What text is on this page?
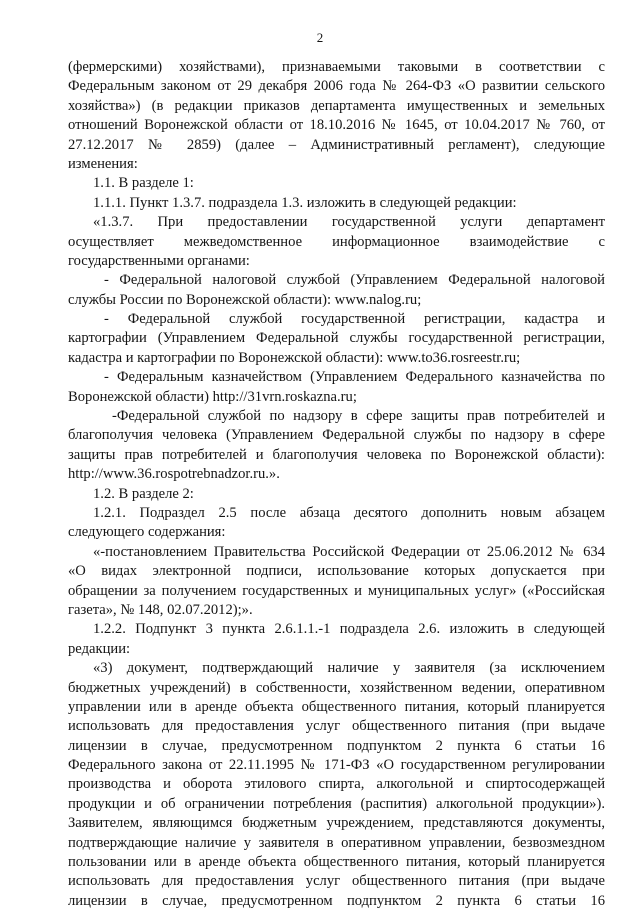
2
(фермерскими) хозяйствами), признаваемыми таковыми в соответствии с
Федеральным законом от 29 декабря 2006 года № 264-ФЗ «О развитии сельского
хозяйства») (в редакции приказов департамента имущественных и земельных
отношений Воронежской области от 18.10.2016 № 1645, от 10.04.2017 № 760, от
27.12.2017 № 2859) (далее – Административный регламент), следующие
изменения:
1.1. В разделе 1:
1.1.1. Пункт 1.3.7. подраздела 1.3. изложить в следующей редакции:
«1.3.7. При предоставлении государственной услуги департамент
осуществляет межведомственное информационное взаимодействие с
государственными органами:
- Федеральной налоговой службой (Управлением Федеральной налоговой
службы России по Воронежской области): www.nalog.ru;
- Федеральной службой государственной регистрации, кадастра и
картографии (Управлением Федеральной службы государственной регистрации,
кадастра и картографии по Воронежской области): www.to36.rosreestr.ru;
- Федеральным казначейством (Управлением Федерального казначейства по
Воронежской области) http://31vrn.roskazna.ru;
-Федеральной службой по надзору в сфере защиты прав потребителей и
благополучия человека (Управлением Федеральной службы по надзору в сфере
защиты прав потребителей и благополучия человека по Воронежской области):
http://www.36.rospotrebnadzor.ru.».
1.2. В разделе 2:
1.2.1. Подраздел 2.5 после абзаца десятого дополнить новым абзацем
следующего содержания:
«-постановлением Правительства Российской Федерации от 25.06.2012 № 634
«О видах электронной подписи, использование которых допускается при
обращении за получением государственных и муниципальных услуг» («Российская
газета», № 148, 02.07.2012);».
1.2.2. Подпункт 3 пункта 2.6.1.1.-1 подраздела 2.6. изложить в следующей
редакции:
«3) документ, подтверждающий наличие у заявителя (за исключением
бюджетных учреждений) в собственности, хозяйственном ведении, оперативном
управлении или в аренде объекта общественного питания, который планируется
использовать для предоставления услуг общественного питания (при выдаче
лицензии в случае, предусмотренном подпунктом 2 пункта 6 статьи 16
Федерального закона от 22.11.1995 № 171-ФЗ «О государственном регулировании
производства и оборота этилового спирта, алкогольной и спиртосодержащей
продукции и об ограничении потребления (распития) алкогольной продукции»).
Заявителем, являющимся бюджетным учреждением, представляются документы,
подтверждающие наличие у заявителя в оперативном управлении, безвозмездном
пользовании или в аренде объекта общественного питания, который планируется
использовать для предоставления услуг общественного питания (при выдаче
лицензии в случае, предусмотренном подпунктом 2 пункта 6 статьи 16
